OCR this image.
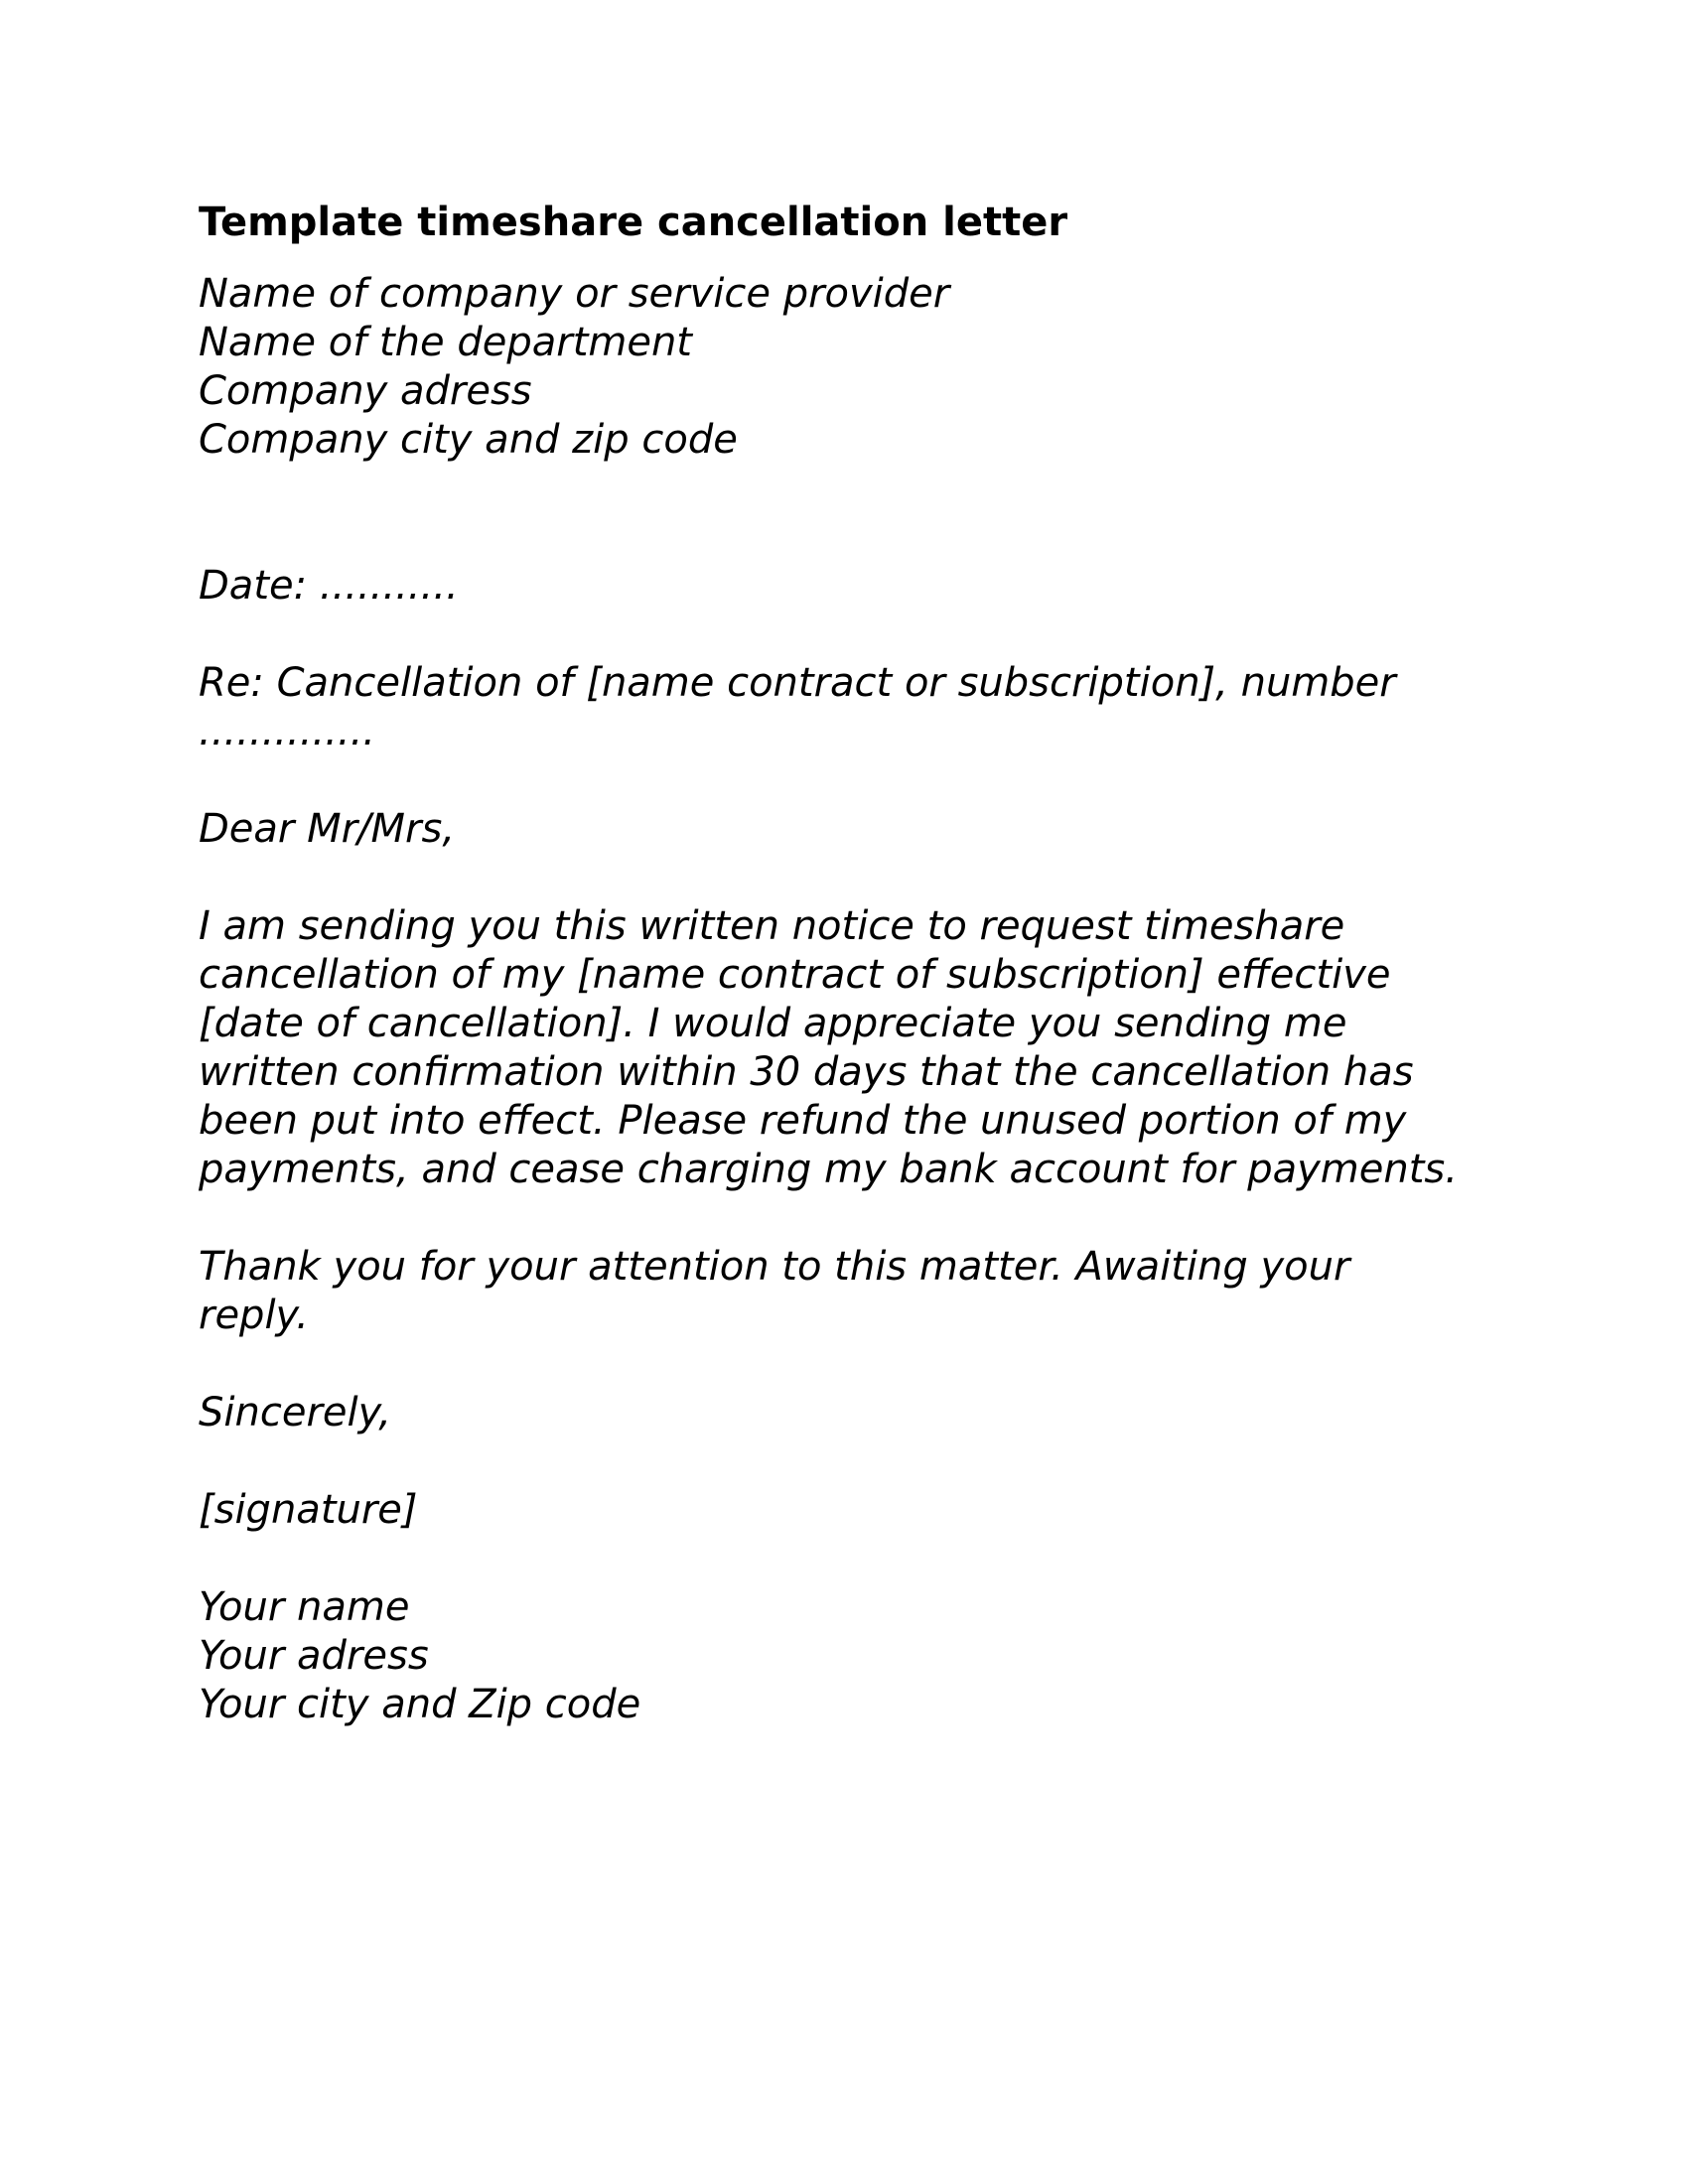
Template timeshare cancellation letter
Name of company or service provider
Name of the department
Company adress
Company city and zip code
Date: ...........
Re: Cancellation of [name contract or subscription], number
..............
Dear Mr/Mrs,
I am sending you this written notice to request timeshare
cancellation of my [name contract of subscription] effective
[date of cancellation]. I would appreciate you sending me
written confirmation within 30 days that the cancellation has
been put into effect. Please refund the unused portion of my
payments, and cease charging my bank account for payments.
Thank you for your attention to this matter. Awaiting your
reply.
Sincerely,
[signature]
Your name
Your adress
Your city and Zip code
